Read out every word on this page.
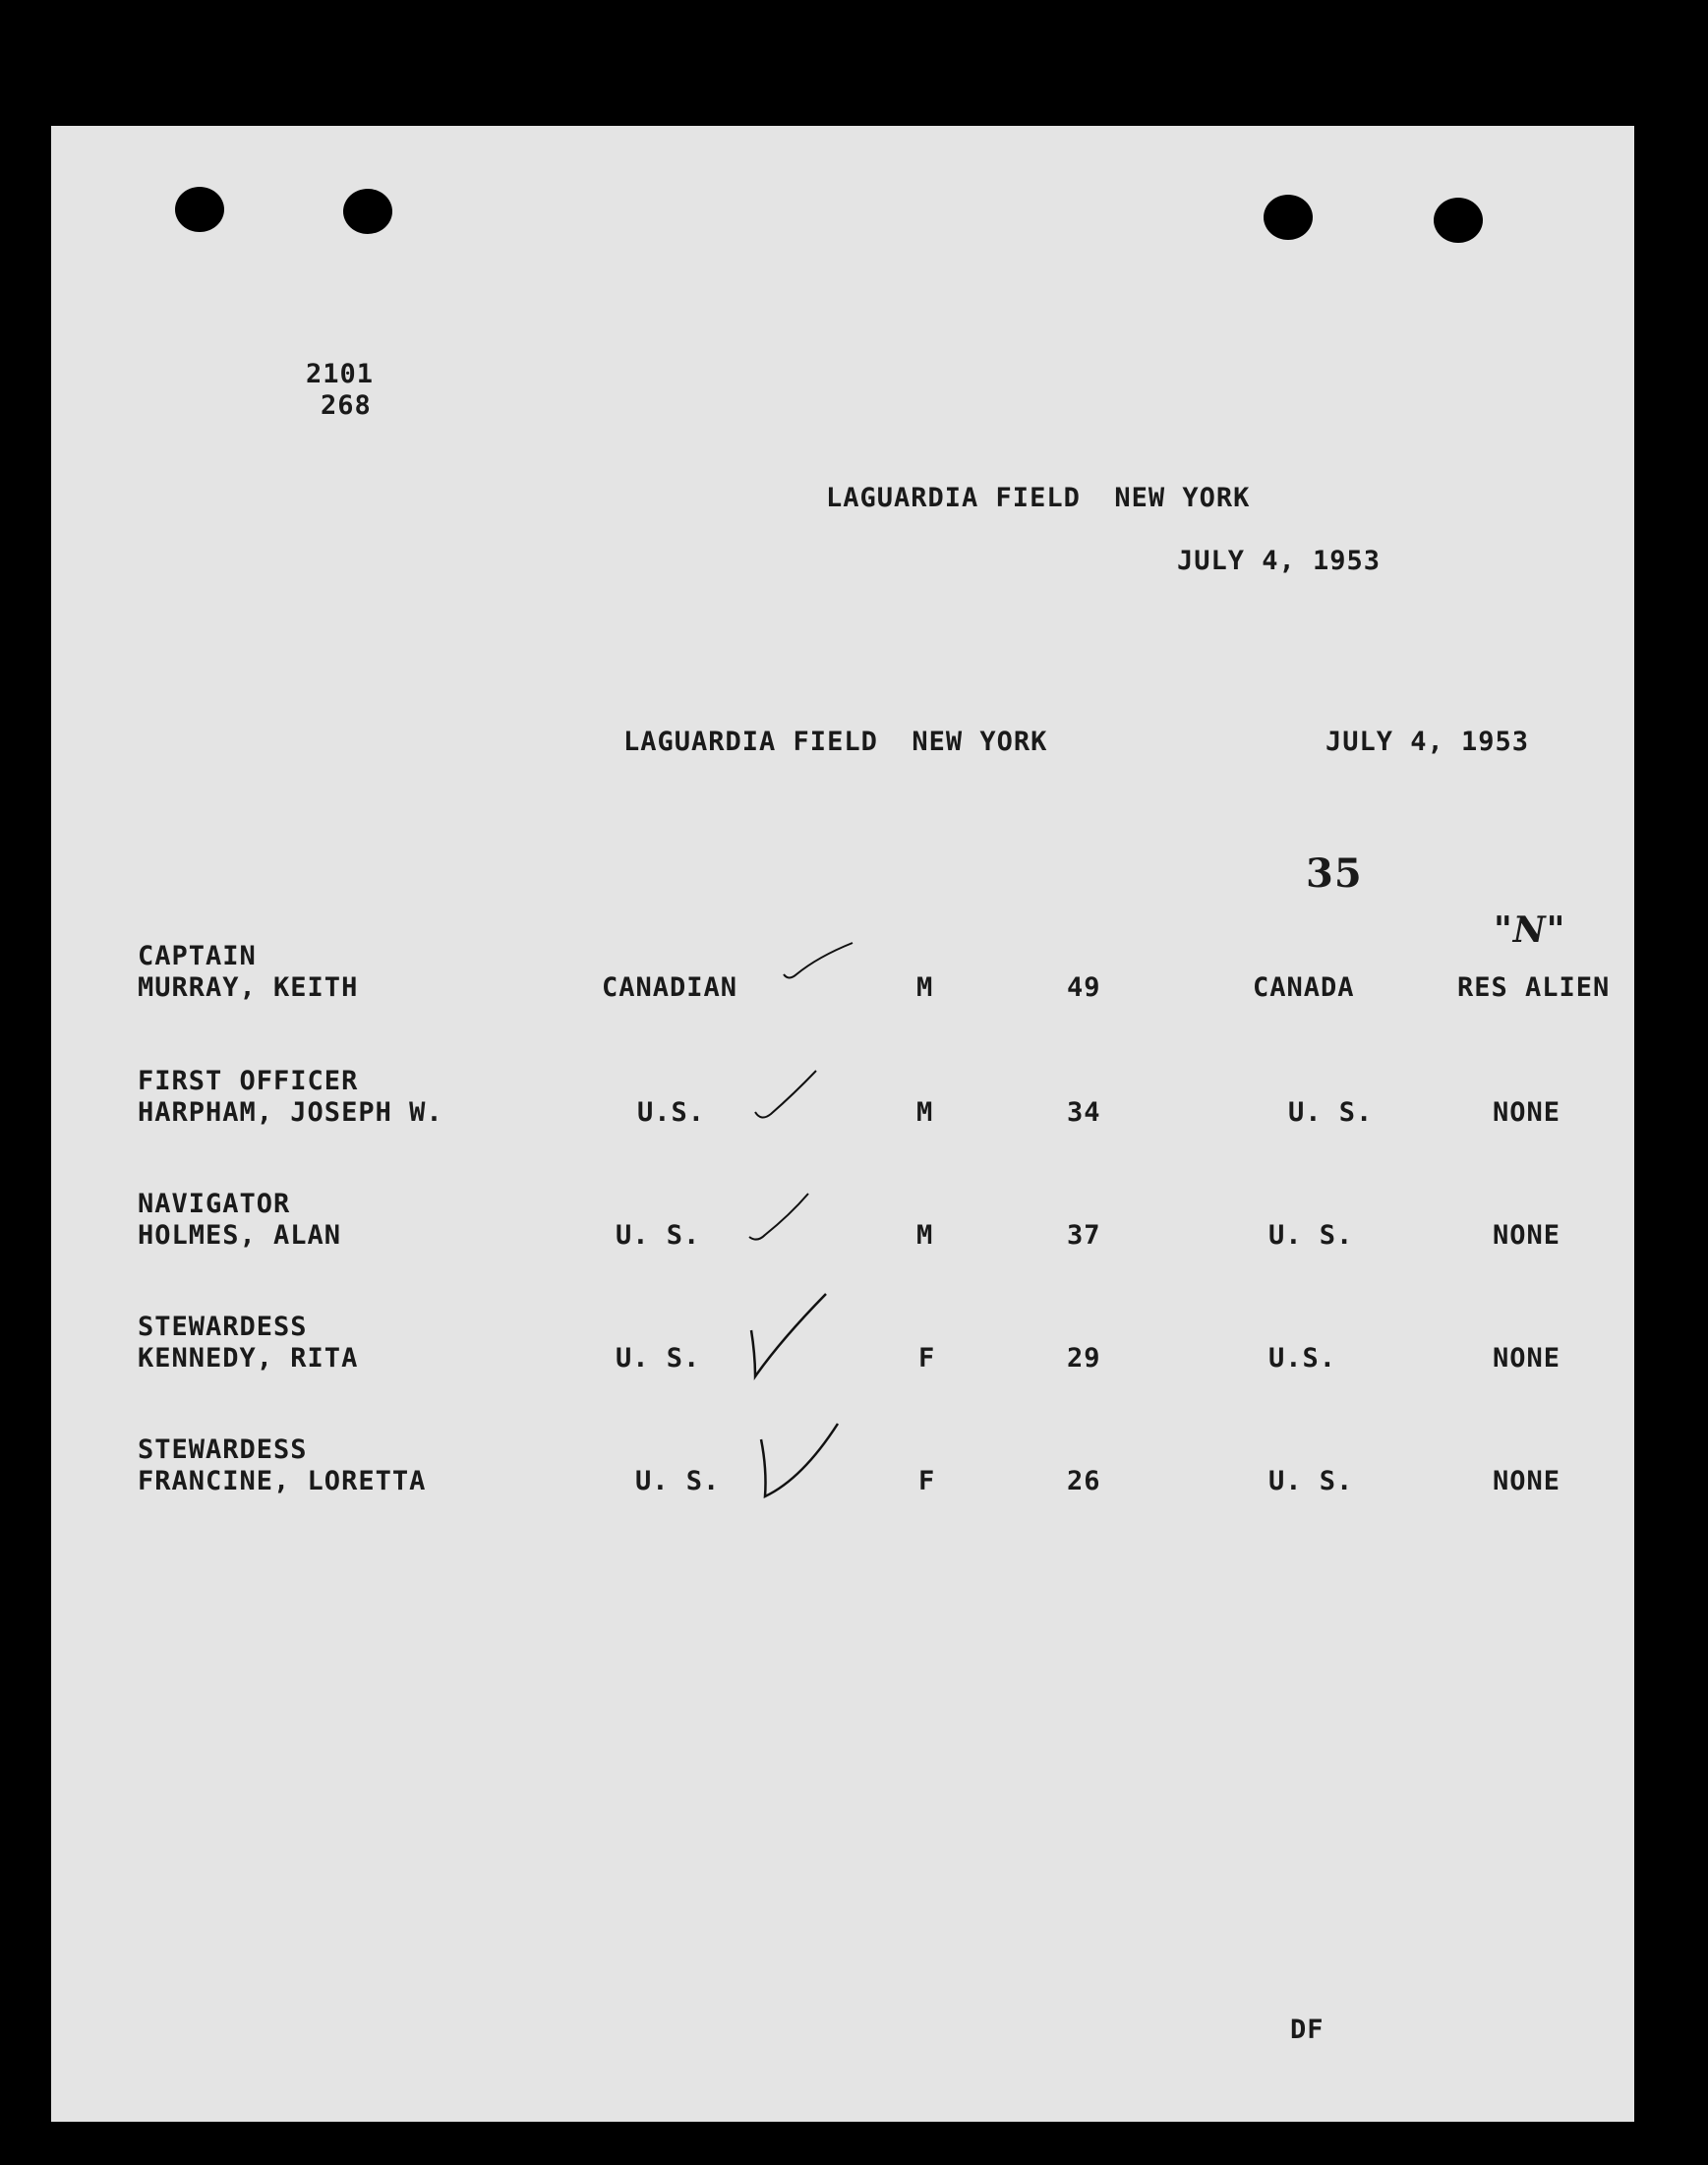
2101
268
LAGUARDIA FIELD  NEW YORK
JULY 4, 1953
LAGUARDIA FIELD  NEW YORK	JULY 4, 1953
35
"N"
CAPTAIN
MURRAY, KEITH	CANADIAN	M	49	CANADA	RES ALIEN
FIRST OFFICER
HARPHAM, JOSEPH W.	U.S.	M	34	U. S.	NONE
NAVIGATOR
HOLMES, ALAN	U. S.	M	37	U. S.	NONE
STEWARDESS
KENNEDY, RITA	U. S.	F	29	U.S.	NONE
STEWARDESS
FRANCINE, LORETTA	U. S.	F	26	U. S.	NONE
DF
